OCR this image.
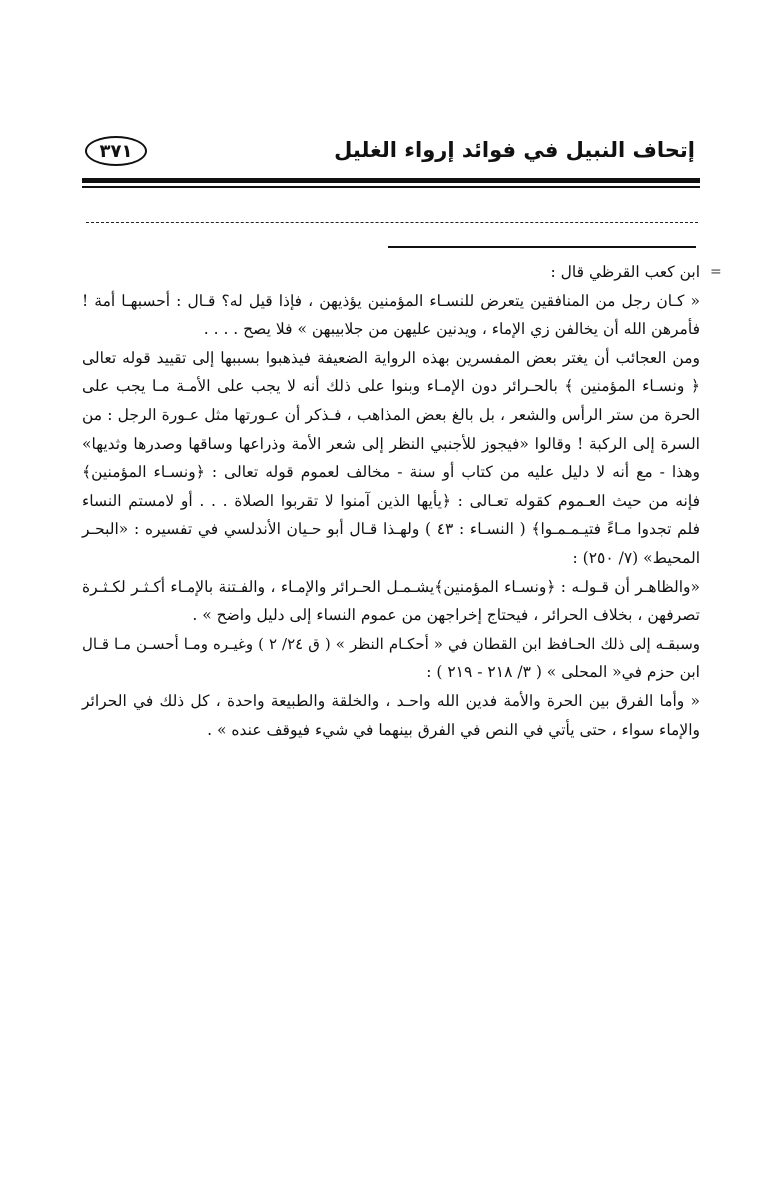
إتحاف النبيل في فوائد إرواء الغليل
٣٧١
=
ابن كعب القرظي قال :
« كـان رجل من المنافقين يتعرض للنسـاء المؤمنين يؤذيهن ، فإذا قيل له؟ قـال : أحسبهـا أمة !
فأمرهن الله أن يخالفن زي الإماء ، ويدنين عليهن من جلابيبهن » فلا يصح . . . .
ومن العجائب أن يغتر بعض المفسرين بهذه الرواية الضعيفة فيذهبوا بسببها إلى تقييد قوله تعالى
﴿ ونسـاء المؤمنين ﴾ بالحـرائر دون الإمـاء وبنوا على ذلك أنه لا يجب على الأمـة مـا يجب على
الحرة من ستر الرأس والشعر ، بل بالغ بعض المذاهب ، فـذكر أن عـورتها مثل عـورة الرجل : من
السرة إلى الركبة ! وقالوا «فيجوز للأجنبي النظر إلى شعر الأمة وذراعها وساقها وصدرها وثديها»
وهذا - مع أنه لا دليل عليه من كتاب أو سنة - مخالف لعموم قوله تعالى : ﴿ونسـاء المؤمنين﴾
فإنه من حيث العـموم كقوله تعـالى : ﴿يأيها الذين آمنوا لا تقربوا الصلاة . . . أو لامستم النساء
فلم تجدوا مـاءً فتيـمـمـوا﴾ ( النسـاء : ٤٣ ) ولهـذا قـال أبو حـيان الأندلسي في تفسيره : «البحـر
المحيط» (٧/ ٢٥٠) :
«والظاهـر أن قـولـه : ﴿ونسـاء المؤمنين﴾يشـمـل الحـرائر والإمـاء ، والفـتنة بالإمـاء أكـثـر لكـثـرة
تصرفهن ، بخلاف الحرائر ، فيحتاج إخراجهن من عموم النساء إلى دليل واضح » .
وسبقـه إلى ذلك الحـافظ ابن القطان في « أحكـام النظر » ( ق ٢٤/ ٢ ) وغيـره ومـا أحسـن مـا قـال
ابن حزم في« المحلى » ( ٣/ ٢١٨ - ٢١٩ ) :
« وأما الفرق بين الحرة والأمة فدين الله واحـد ، والخلقة والطبيعة واحدة ، كل ذلك في الحرائر
والإماء سواء ، حتى يأتي في النص في الفرق بينهما في شيء فيوقف عنده » .
